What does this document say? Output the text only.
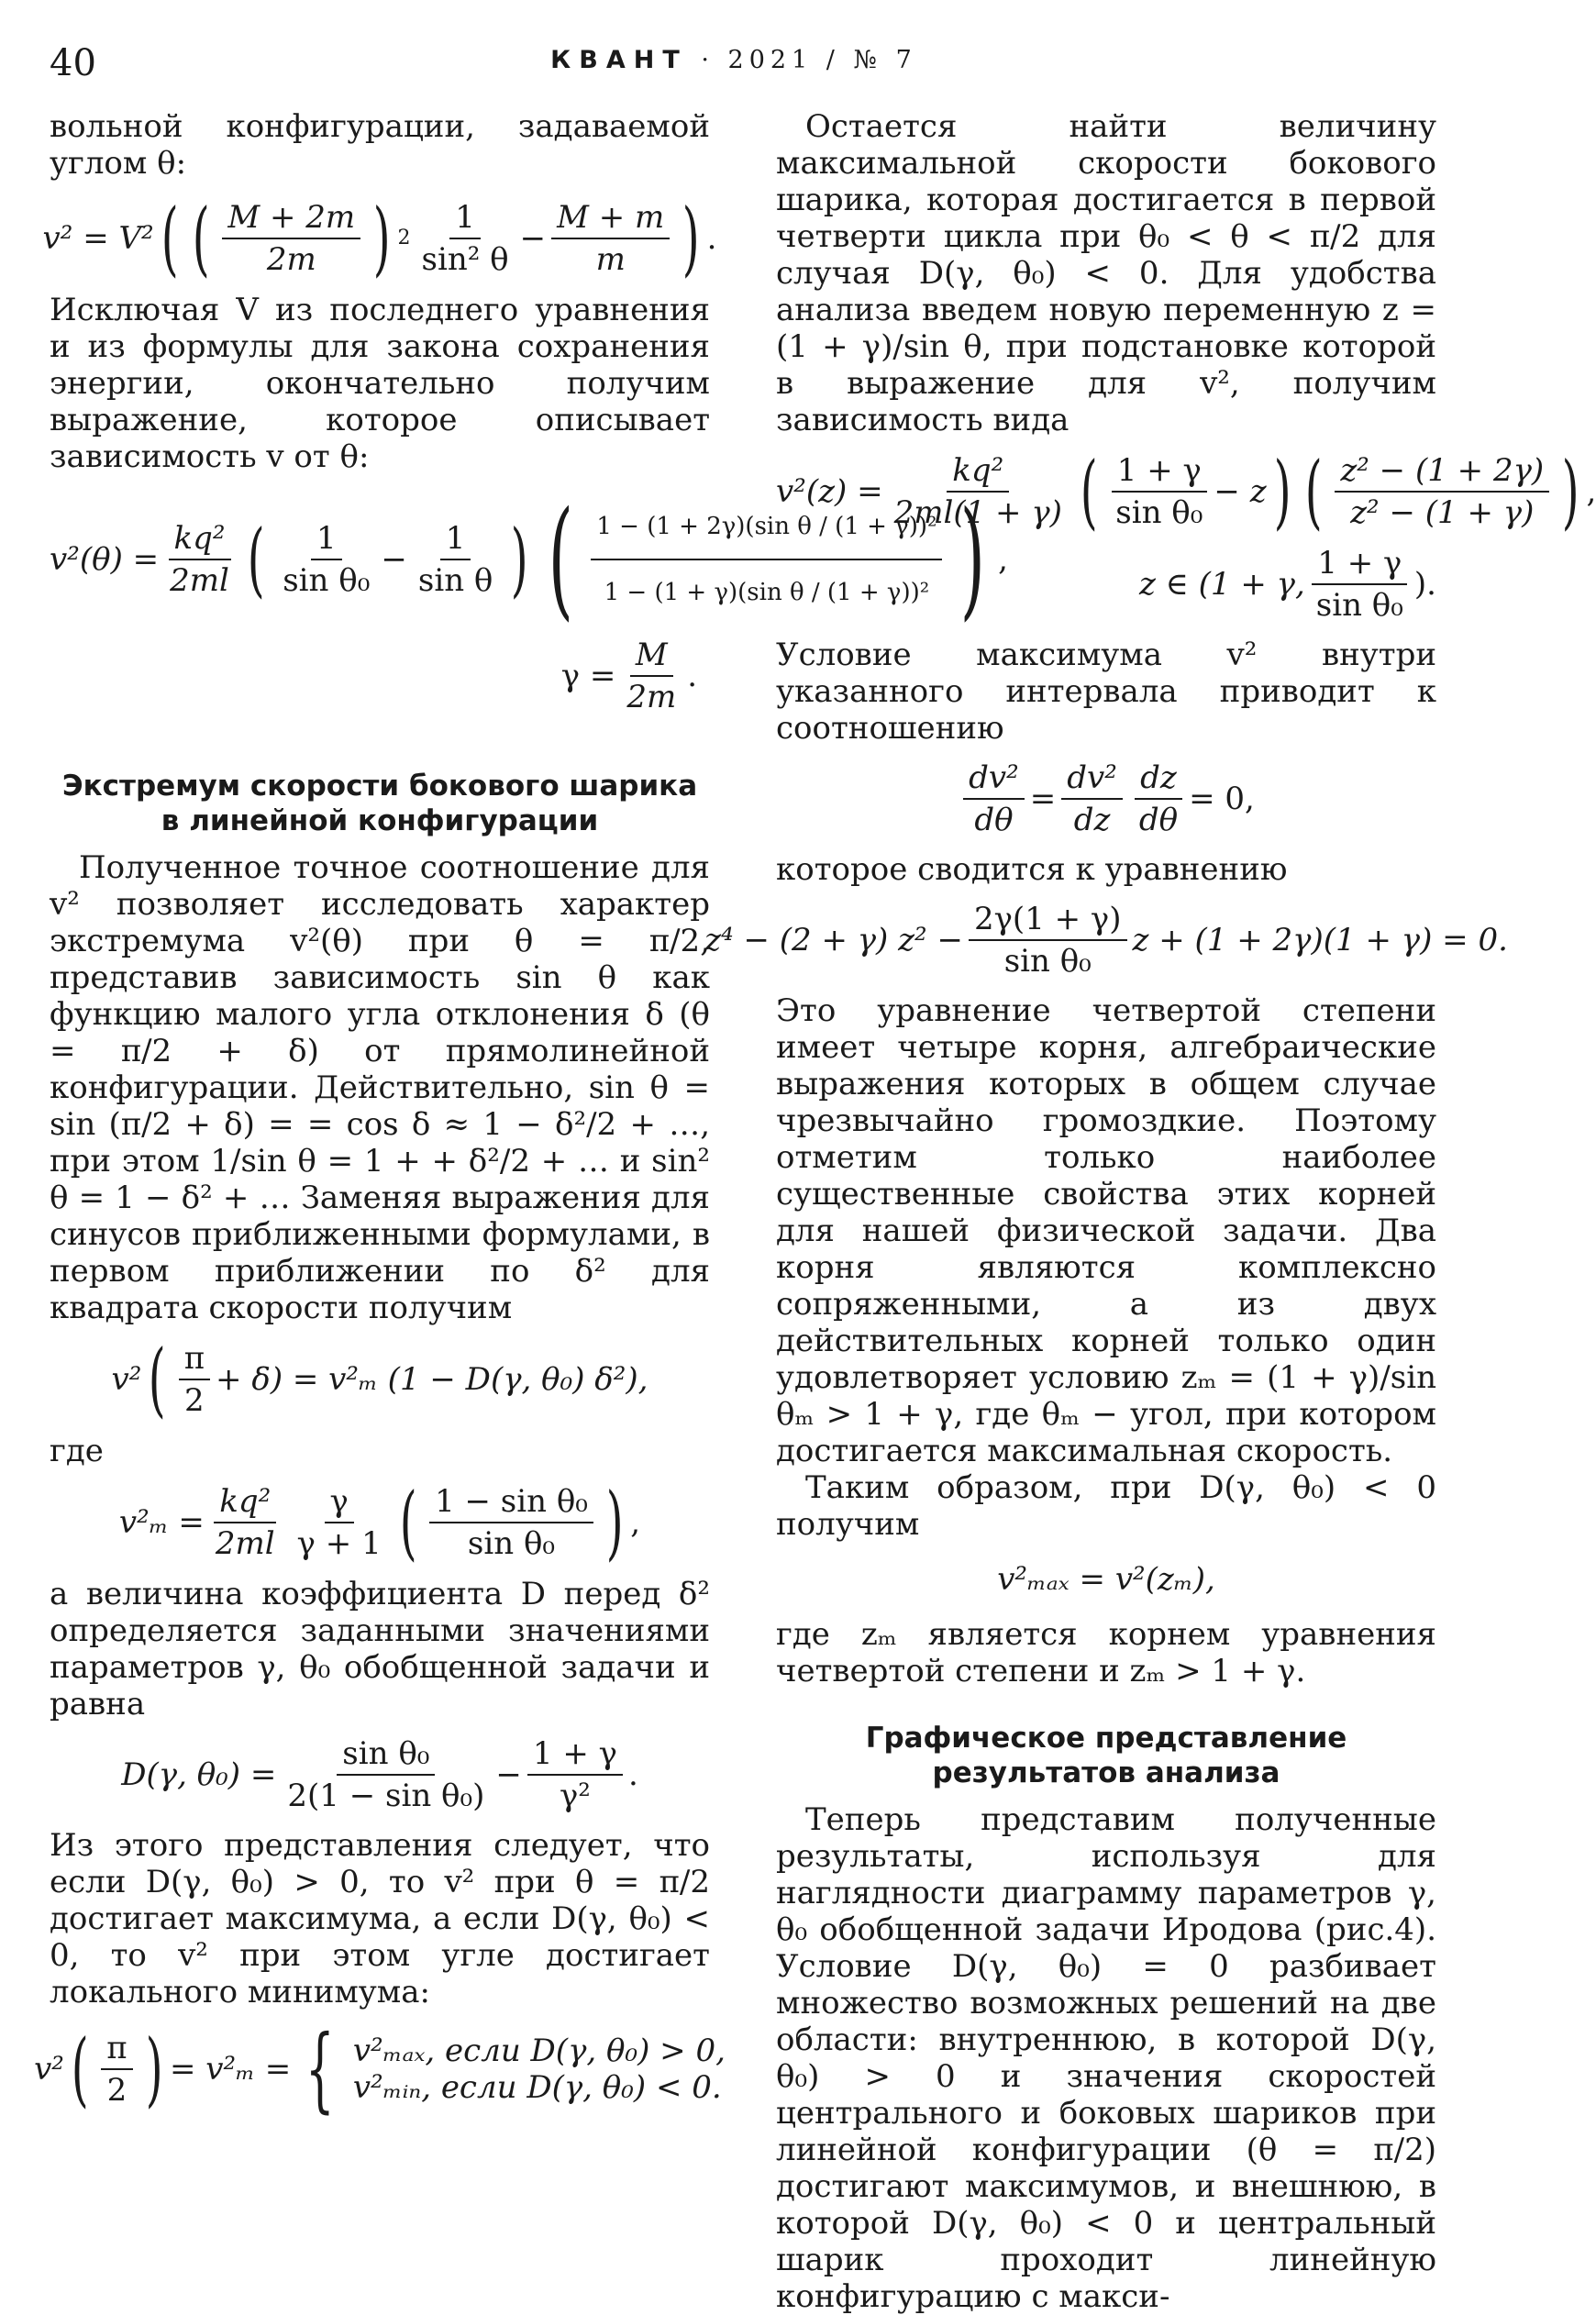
40	КВАНТ · 2021 / № 7

вольной конфигурации, задаваемой углом θ:

v² = V² ( ( $\frac{M + 2m}{2m}$ ) $2 \frac{1}{\text{sin² θ}} - \frac{M + m}{m}$ ) .

Исключая V из последнего уравнения и из формулы для закона сохранения энергии, окончательно получим выражение, которое описывает зависимость v от θ:

$v^2(\theta) = \frac{\text{kq²}}{2ml}$ ( $\frac{1}{\text{sin θ₀}} - \frac{1}{\text{sin θ}}$ ) ( $\frac{\text{1 − (1 + 2γ)(sin θ / (1 + γ))²}}{\text{1 − (1 + γ)(sin θ / (1 + γ))²}}$ ) ,
$\gamma = \frac{M}{2m}$ .
Экстремум скорости бокового шарика в линейной конфигурации

Полученное точное соотношение для v² позволяет исследовать характер экстремума v²(θ) при θ = π/2, представив зависимость sin θ как функцию малого угла отклонения δ (θ = π/2 + δ) от прямолинейной конфигурации. Действительно, sin θ = sin (π/2 + δ) = = cos δ ≈ 1 − δ²/2 + …, при этом 1/sin θ = 1 + + δ²/2 + … и sin² θ = 1 − δ² + … Заменяя выражения для синусов приближенными формулами, в первом приближении по δ² для квадрата скорости получим

v² ( $\frac{\pi}{2} + \delta) = v^2_m$ (1 − D(γ, θ₀) δ²),

где

$v^2_m = \frac{\text{kq²}}{2ml} \frac{\gamma}{\gamma + 1}$ ( $\frac{\text{1 − sin θ₀}}{\text{sin θ₀}}$ ) ,

а величина коэффициента D перед δ² определяется заданными значениями параметров γ, θ₀ обобщенной задачи и равна

D(γ, $\theta_0) = \frac{\text{sin θ₀}}{\text{2(1 − sin θ₀)}} - \frac{1 + \gamma}{\text{γ²}}$ .

Из этого представления следует, что если D(γ, θ₀) > 0, то v² при θ = π/2 достигает максимума, а если D(γ, θ₀) < 0, то v² при этом угле достигает локального минимума:

v² ( $\frac{\pi}{2}$ ) = v²ₘ = { v²ₘₐₓ, если D(γ, θ₀) > 0,
v²ₘᵢₙ, если D(γ, θ₀) < 0.

Остается найти величину максимальной скорости бокового шарика, которая достигается в первой четверти цикла при θ₀ < θ < π/2 для случая D(γ, θ₀) < 0. Для удобства анализа введем новую переменную z = (1 + γ)/sin θ, при подстановке которой в выражение для v², получим зависимость вида

$v^2(z) = \frac{\text{kq²}}{2ml(1 + \gamma)}$ ( $\frac{1 + \gamma}{\text{sin θ₀}} - z$ ) ( $\frac{\text{z² − (1 + 2γ)}}{\text{z² − (1 + γ)}}$ ) ,
z ∈ (1 + γ, $\frac{1 + \gamma}{\text{sin θ₀}}$ ).

Условие максимума v² внутри указанного интервала приводит к соотношению

$\frac{\text{dv²}}{d\theta} = \frac{\text{dv²}}{dz} \frac{dz}{d\theta} = 0$,

которое сводится к уравнению

z⁴ − (2 + γ) $z^2 - \frac{2\gamma(1 + \gamma)}{\text{sin θ₀}}$ z + (1 + 2γ)(1 + γ) = 0.

Это уравнение четвертой степени имеет четыре корня, алгебраические выражения которых в общем случае чрезвычайно громоздкие. Поэтому отметим только наиболее существенные свойства этих корней для нашей физической задачи. Два корня являются комплексно сопряженными, а из двух действительных корней только один удовлетворяет условию zₘ = (1 + γ)/sin θₘ > 1 + γ, где θₘ − угол, при котором достигается максимальная скорость.

Таким образом, при D(γ, θ₀) < 0 получим

v²ₘₐₓ = v²(zₘ),

где zₘ является корнем уравнения четвертой степени и zₘ > 1 + γ.

Графическое представление результатов анализа

Теперь представим полученные результаты, используя для наглядности диаграмму параметров γ, θ₀ обобщенной задачи Иродова (рис.4). Условие D(γ, θ₀) = 0 разбивает множество возможных решений на две области: внутреннюю, в которой D(γ, θ₀) > 0 и значения скоростей центрального и боковых шариков при линейной конфигурации (θ = π/2) достигают максимумов, и внешнюю, в которой D(γ, θ₀) < 0 и центральный шарик проходит линейную конфигурацию с макси-
